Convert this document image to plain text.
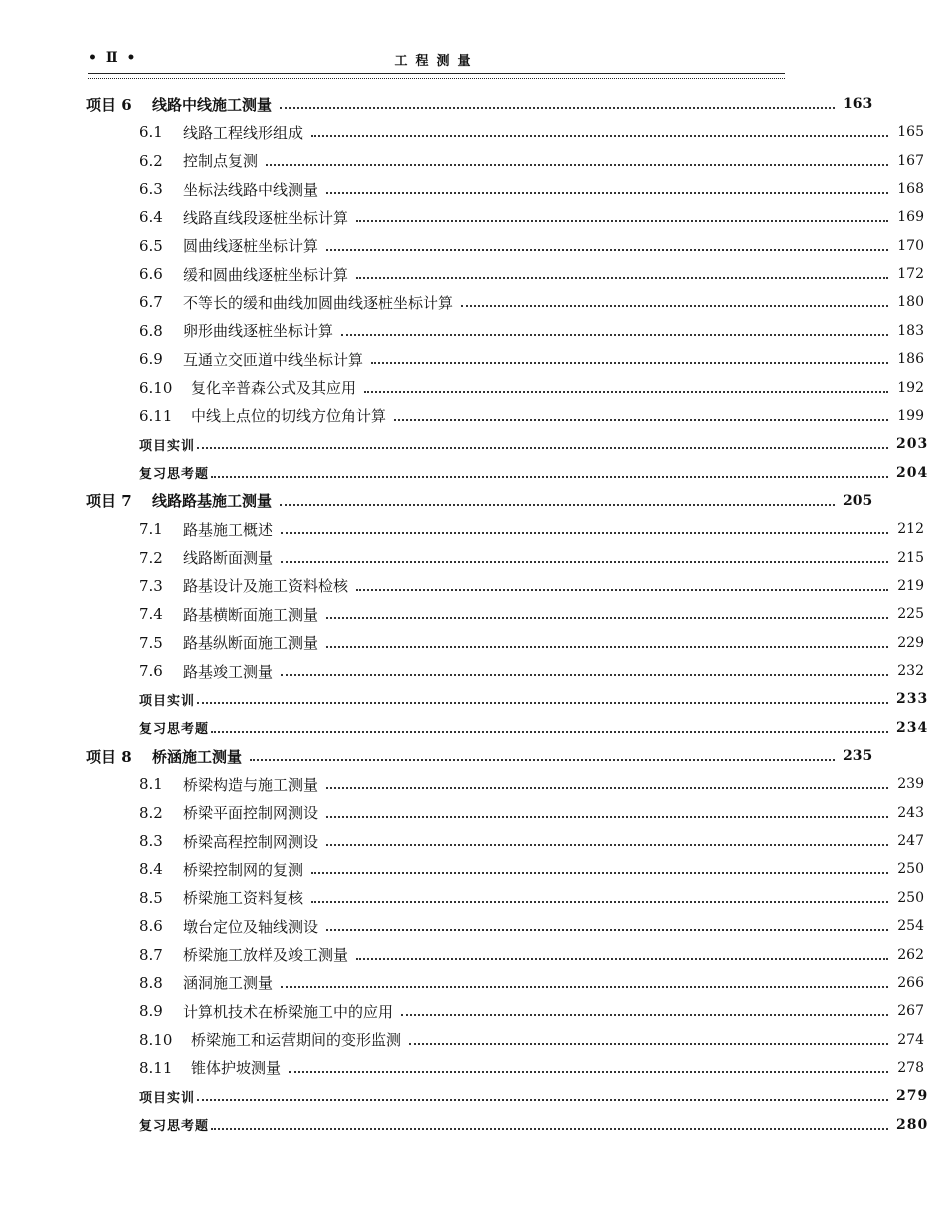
• Ⅱ •	工程测量
项目 6	线路中线施工测量	163
6.1	线路工程线形组成	165
6.2	控制点复测	167
6.3	坐标法线路中线测量	168
6.4	线路直线段逐桩坐标计算	169
6.5	圆曲线逐桩坐标计算	170
6.6	缓和圆曲线逐桩坐标计算	172
6.7	不等长的缓和曲线加圆曲线逐桩坐标计算	180
6.8	卵形曲线逐桩坐标计算	183
6.9	互通立交匝道中线坐标计算	186
6.10	复化辛普森公式及其应用	192
6.11	中线上点位的切线方位角计算	199
项目实训	203
复习思考题	204
项目 7	线路路基施工测量	205
7.1	路基施工概述	212
7.2	线路断面测量	215
7.3	路基设计及施工资料检核	219
7.4	路基横断面施工测量	225
7.5	路基纵断面施工测量	229
7.6	路基竣工测量	232
项目实训	233
复习思考题	234
项目 8	桥涵施工测量	235
8.1	桥梁构造与施工测量	239
8.2	桥梁平面控制网测设	243
8.3	桥梁高程控制网测设	247
8.4	桥梁控制网的复测	250
8.5	桥梁施工资料复核	250
8.6	墩台定位及轴线测设	254
8.7	桥梁施工放样及竣工测量	262
8.8	涵洞施工测量	266
8.9	计算机技术在桥梁施工中的应用	267
8.10	桥梁施工和运营期间的变形监测	274
8.11	锥体护坡测量	278
项目实训	279
复习思考题	280
